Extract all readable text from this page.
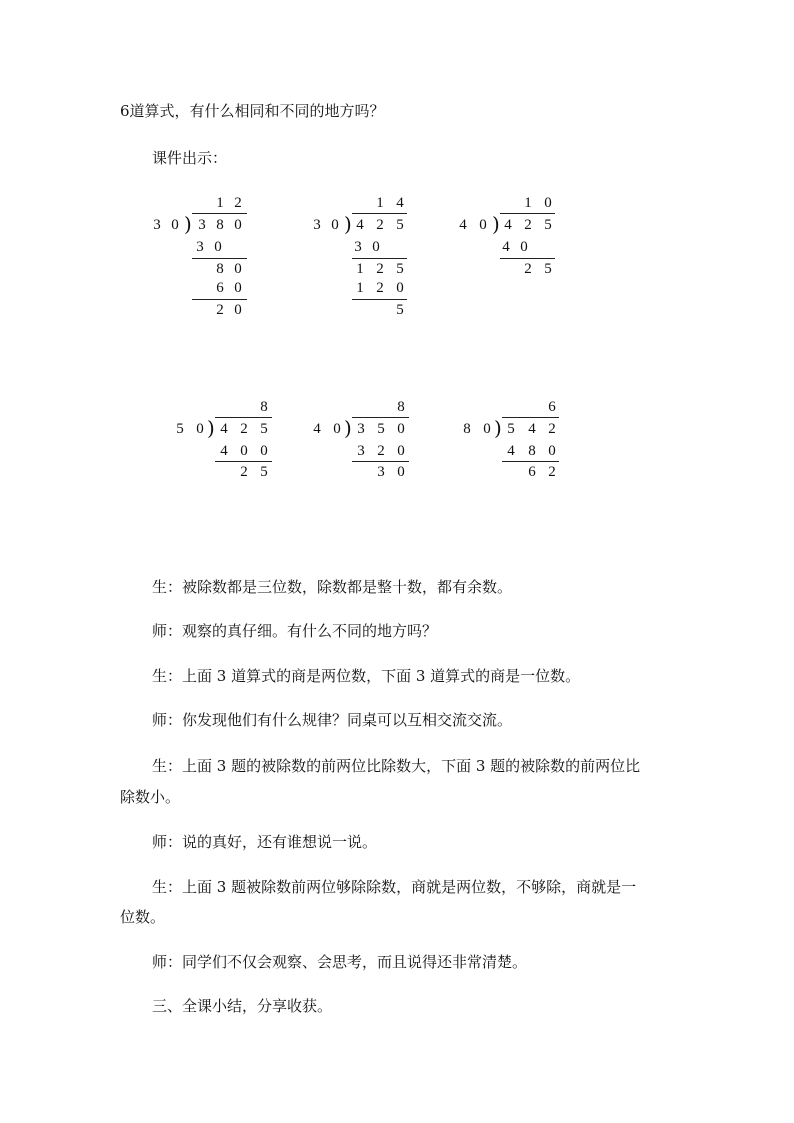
6道算式，有什么相同和不同的地方吗？
课件出示：
1 2
3 0 ) 3 8 0
3 0
8 0
6 0
2 0
1 4
3 0 ) 4 2 5
3 0
1 2 5
1 2 0
5
1 0
4 0 ) 4 2 5
4 0
2 5
8
5 0 ) 4 2 5
4 0 0
2 5
8
4 0 ) 3 5 0
3 2 0
3 0
6
8 0 ) 5 4 2
4 8 0
6 2
生：被除数都是三位数，除数都是整十数，都有余数。
师：观察的真仔细。有什么不同的地方吗？
生：上面 3 道算式的商是两位数，下面 3 道算式的商是一位数。
师：你发现他们有什么规律？同桌可以互相交流交流。
生：上面 3 题的被除数的前两位比除数大，下面 3 题的被除数的前两位比
除数小。
师：说的真好，还有谁想说一说。
生：上面 3 题被除数前两位够除除数，商就是两位数，不够除，商就是一
位数。
师：同学们不仅会观察、会思考，而且说得还非常清楚。
三、全课小结，分享收获。
